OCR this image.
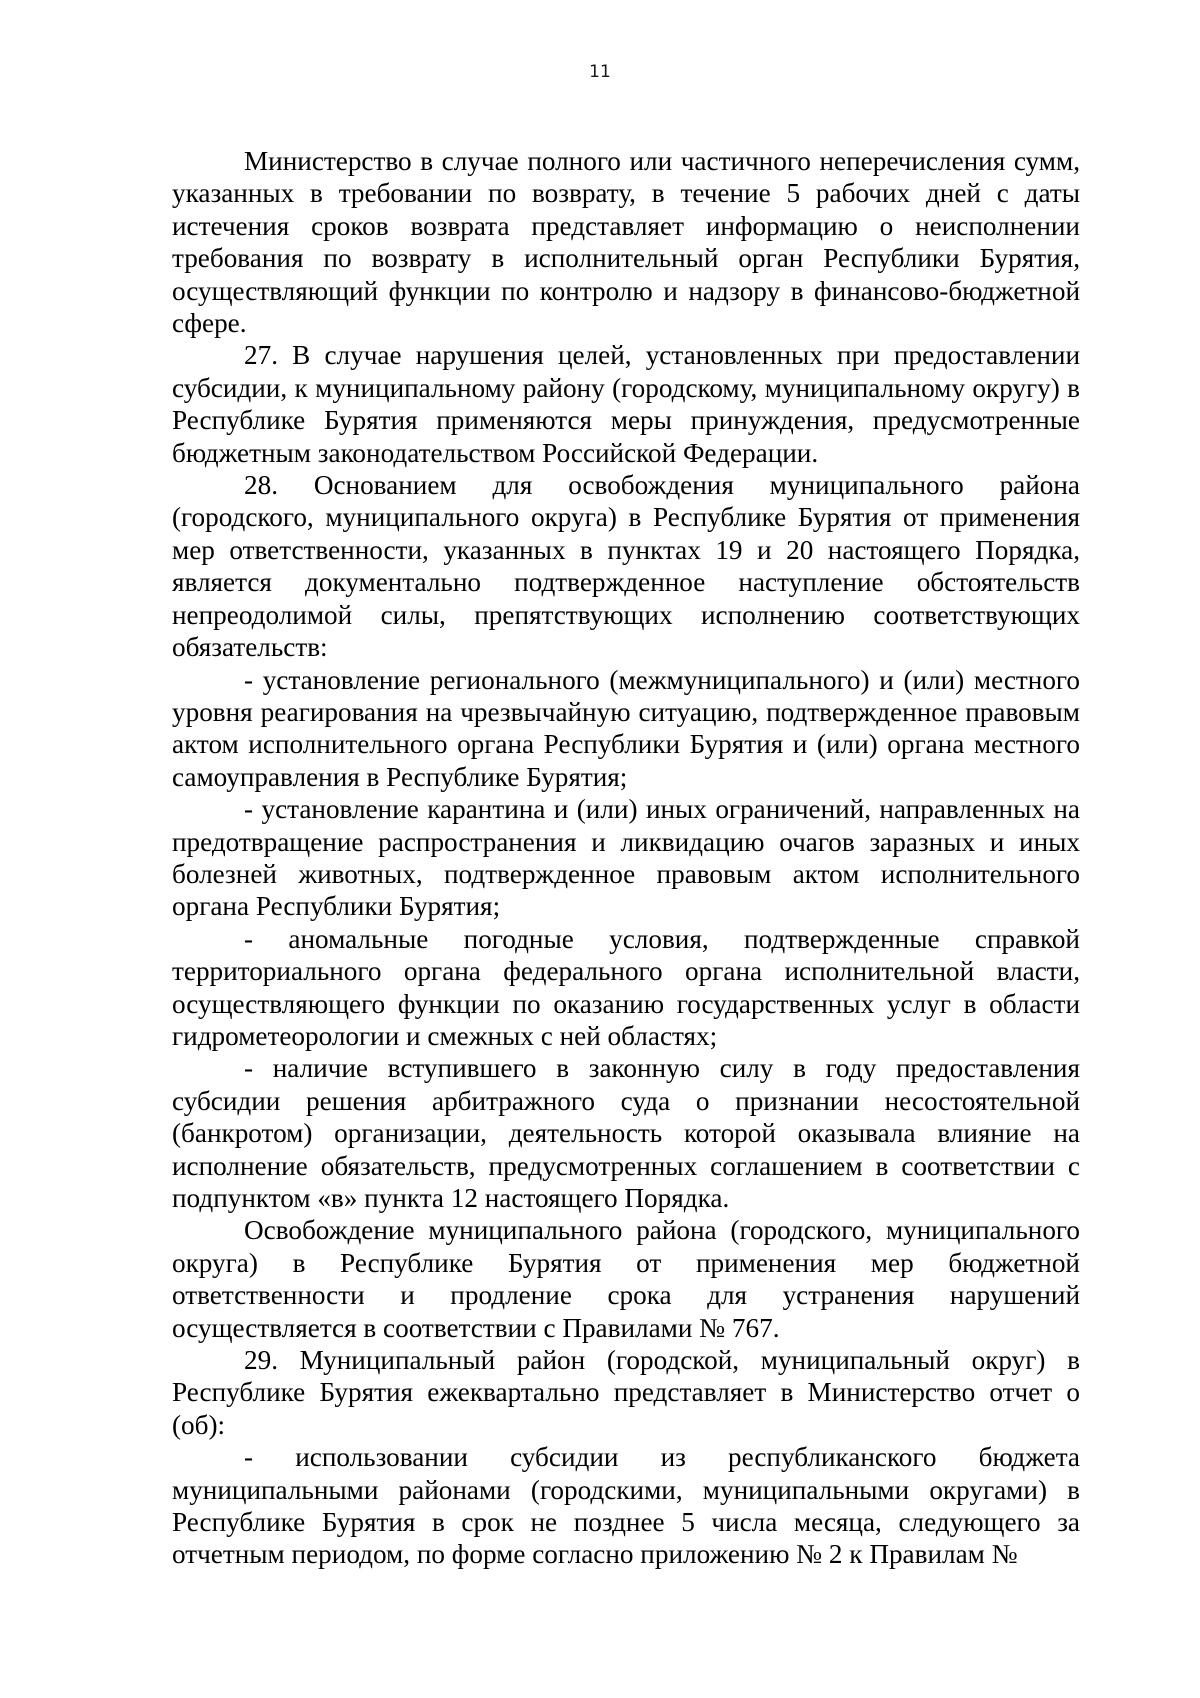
11

Министерство в случае полного или частичного неперечисления сумм, указанных в требовании по возврату, в течение 5 рабочих дней с даты истечения сроков возврата представляет информацию о неисполнении требования по возврату в исполнительный орган Республики Бурятия, осуществляющий функции по контролю и надзору в финансово-бюджетной сфере.

27. В случае нарушения целей, установленных при предоставлении субсидии, к муниципальному району (городскому, муниципальному округу) в Республике Бурятия применяются меры принуждения, предусмотренные бюджетным законодательством Российской Федерации.

28. Основанием для освобождения муниципального района (городского, муниципального округа) в Республике Бурятия от применения мер ответственности, указанных в пунктах 19 и 20 настоящего Порядка, является документально подтвержденное наступление обстоятельств непреодолимой силы, препятствующих исполнению соответствующих обязательств:

- установление регионального (межмуниципального) и (или) местного уровня реагирования на чрезвычайную ситуацию, подтвержденное правовым актом исполнительного органа Республики Бурятия и (или) органа местного самоуправления в Республике Бурятия;

- установление карантина и (или) иных ограничений, направленных на предотвращение распространения и ликвидацию очагов заразных и иных болезней животных, подтвержденное правовым актом исполнительного органа Республики Бурятия;

- аномальные погодные условия, подтвержденные справкой территориального органа федерального органа исполнительной власти, осуществляющего функции по оказанию государственных услуг в области гидрометеорологии и смежных с ней областях;

- наличие вступившего в законную силу в году предоставления субсидии решения арбитражного суда о признании несостоятельной (банкротом) организации, деятельность которой оказывала влияние на исполнение обязательств, предусмотренных соглашением в соответствии с подпунктом «в» пункта 12 настоящего Порядка.

Освобождение муниципального района (городского, муниципального округа) в Республике Бурятия от применения мер бюджетной ответственности и продление срока для устранения нарушений осуществляется в соответствии с Правилами № 767.

29. Муниципальный район (городской, муниципальный округ) в Республике Бурятия ежеквартально представляет в Министерство отчет о (об):

- использовании субсидии из республиканского бюджета муниципальными районами (городскими, муниципальными округами) в Республике Бурятия в срок не позднее 5 числа месяца, следующего за отчетным периодом, по форме согласно приложению № 2 к Правилам №
